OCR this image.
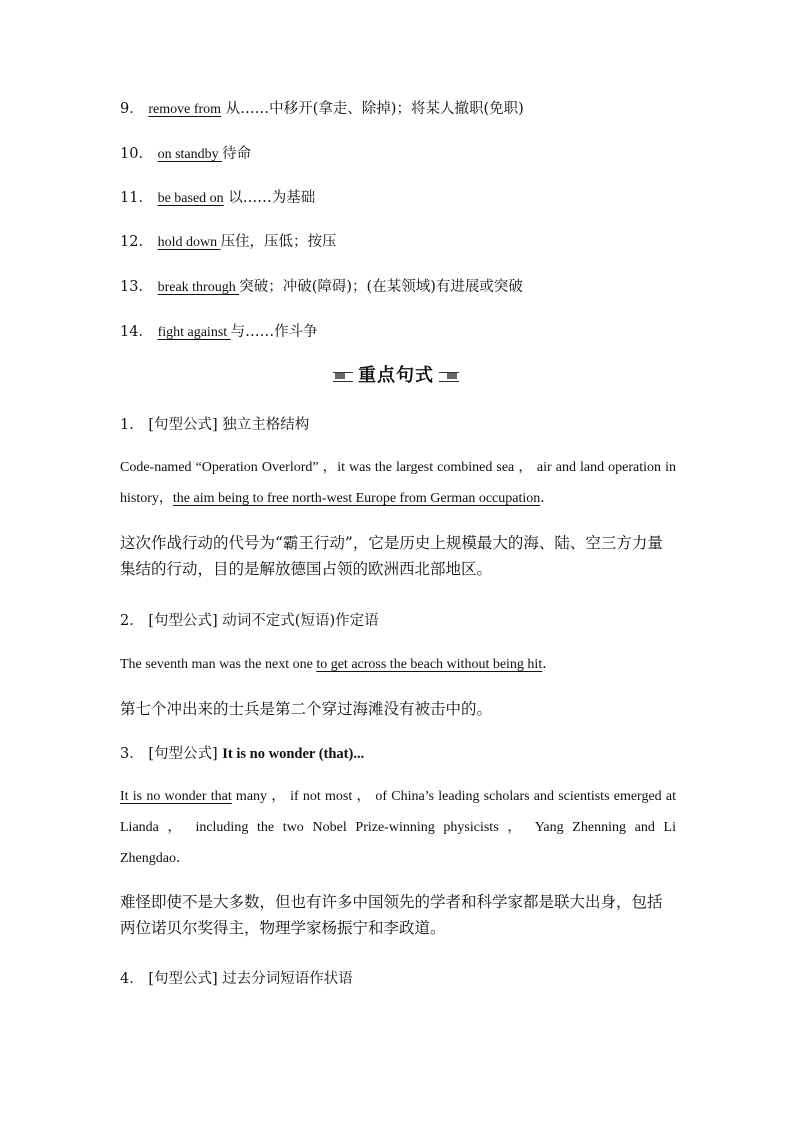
9． remove from 从……中移开(拿走、除掉)；将某人撤职(免职)
10． on standby 待命
11． be based on 以……为基础
12． hold down 压住，压低；按压
13． break through 突破；冲破(障碍)；(在某领域)有进展或突破
14． fight against 与……作斗争
重点句式
1． [句型公式] 独立主格结构
Code-named “Operation Overlord” ，it was the largest combined sea ， air and land operation in history，the aim being to free north-west Europe from German occupation．
这次作战行动的代号为“霸王行动”，它是历史上规模最大的海、陆、空三方力量集结的行动，目的是解放德国占领的欧洲西北部地区。
2． [句型公式] 动词不定式(短语)作定语
The seventh man was the next one to get across the beach without being hit．
第七个冲出来的士兵是第二个穿过海滩没有被击中的。
3． [句型公式] It is no wonder (that)...
It is no wonder that many ， if not most ， of China’s leading scholars and scientists emerged at Lianda ， including the two Nobel Prize-winning physicists ， Yang Zhenning and Li Zhengdao．
难怪即使不是大多数，但也有许多中国领先的学者和科学家都是联大出身，包括两位诺贝尔奖得主，物理学家杨振宁和李政道。
4． [句型公式] 过去分词短语作状语
